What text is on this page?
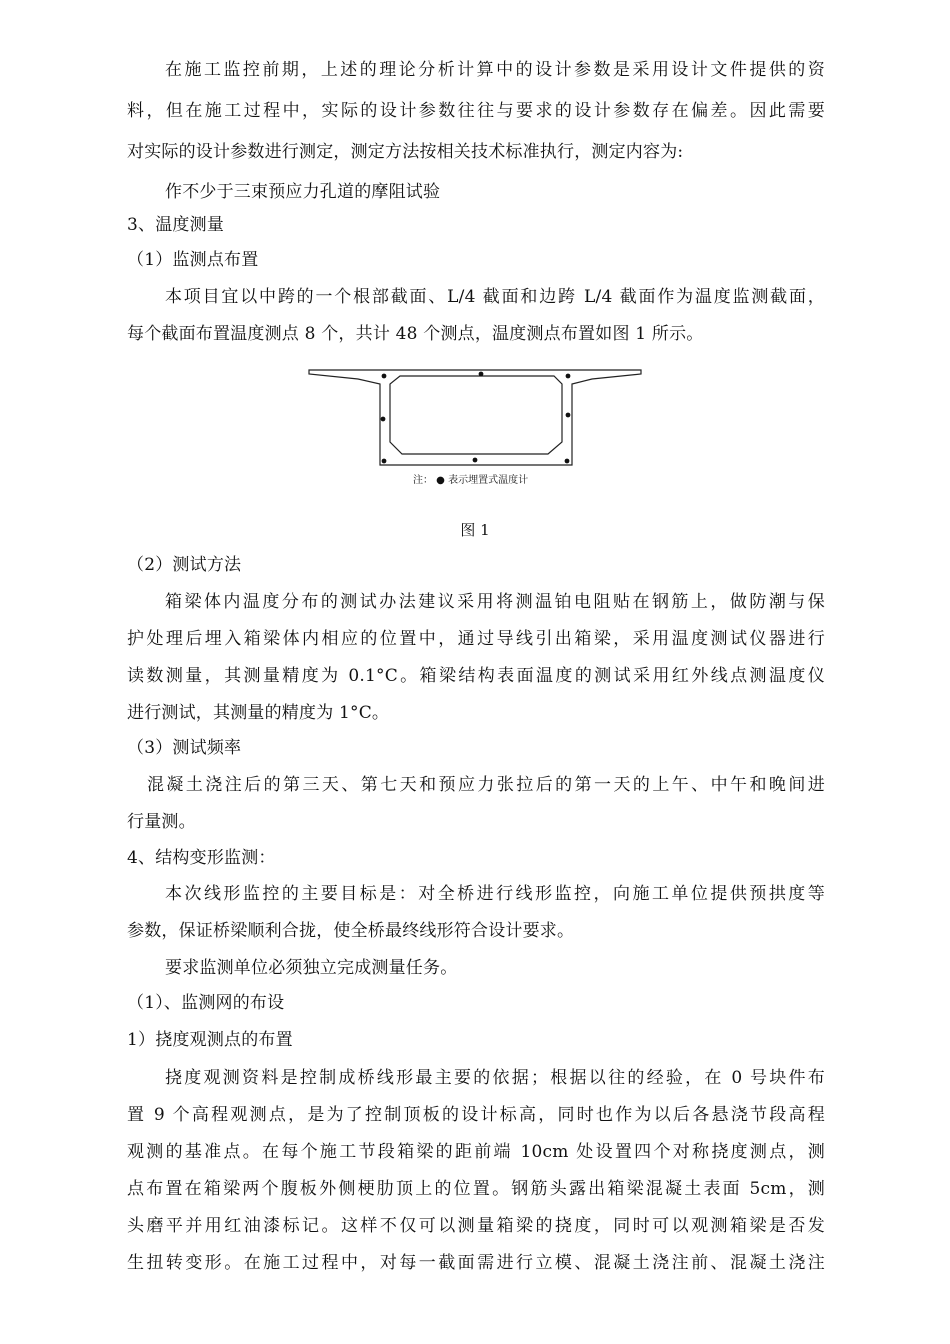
在施工监控前期，上述的理论分析计算中的设计参数是采用设计文件提供的资
料，但在施工过程中，实际的设计参数往往与要求的设计参数存在偏差。因此需要
对实际的设计参数进行测定，测定方法按相关技术标准执行，测定内容为:
作不少于三束预应力孔道的摩阻试验
3、温度测量
（1）监测点布置
本项目宜以中跨的一个根部截面、L/4 截面和边跨 L/4 截面作为温度监测截面，
每个截面布置温度测点 8 个，共计 48 个测点，温度测点布置如图 1 所示。
注： ● 表示埋置式温度计
图 1
（2）测试方法
箱梁体内温度分布的测试办法建议采用将测温铂电阻贴在钢筋上，做防潮与保
护处理后埋入箱梁体内相应的位置中，通过导线引出箱梁，采用温度测试仪器进行
读数测量，其测量精度为 0.1°C。箱梁结构表面温度的测试采用红外线点测温度仪
进行测试，其测量的精度为 1°C。
（3）测试频率
混凝土浇注后的第三天、第七天和预应力张拉后的第一天的上午、中午和晚间进
行量测。
4、结构变形监测：
本次线形监控的主要目标是：对全桥进行线形监控，向施工单位提供预拱度等
参数，保证桥梁顺利合拢，使全桥最终线形符合设计要求。
要求监测单位必须独立完成测量任务。
（1）、监测网的布设
1）挠度观测点的布置
挠度观测资料是控制成桥线形最主要的依据；根据以往的经验，在 0 号块件布
置 9 个高程观测点，是为了控制顶板的设计标高，同时也作为以后各悬浇节段高程
观测的基准点。在每个施工节段箱梁的距前端 10cm 处设置四个对称挠度测点，测
点布置在箱梁两个腹板外侧梗肋顶上的位置。钢筋头露出箱梁混凝土表面 5cm，测
头磨平并用红油漆标记。这样不仅可以测量箱梁的挠度，同时可以观测箱梁是否发
生扭转变形。在施工过程中，对每一截面需进行立模、混凝土浇注前、混凝土浇注
